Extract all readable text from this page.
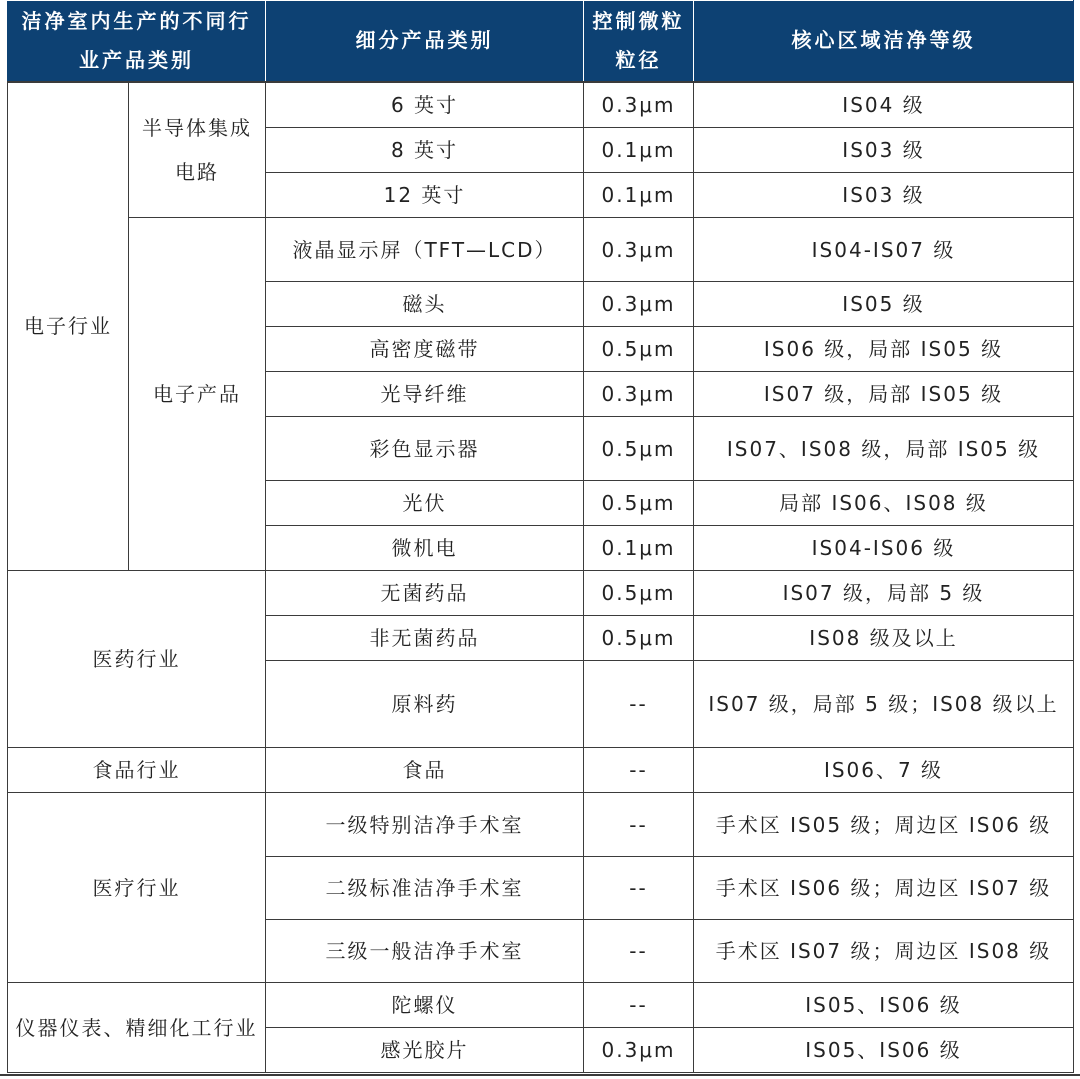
洁净室内生产的不同行业产品类别		细分产品类别	控制微粒粒径	核心区域洁净等级
电子行业	半导体集成电路	6 英寸	0.3μm	IS04 级
		8 英寸	0.1μm	IS03 级
		12 英寸	0.1μm	IS03 级
	电子产品	液晶显示屏（TFT—LCD）	0.3μm	IS04-IS07 级
		磁头	0.3μm	IS05 级
		高密度磁带	0.5μm	IS06 级，局部 IS05 级
		光导纤维	0.3μm	IS07 级，局部 IS05 级
		彩色显示器	0.5μm	IS07、IS08 级，局部 IS05 级
		光伏	0.5μm	局部 IS06、IS08 级
		微机电	0.1μm	IS04-IS06 级
医药行业		无菌药品	0.5μm	IS07 级，局部 5 级
		非无菌药品	0.5μm	IS08 级及以上
		原料药	--	IS07 级，局部 5 级；IS08 级以上
食品行业		食品	--	IS06、7 级
医疗行业		一级特别洁净手术室	--	手术区 IS05 级；周边区 IS06 级
		二级标准洁净手术室	--	手术区 IS06 级；周边区 IS07 级
		三级一般洁净手术室	--	手术区 IS07 级；周边区 IS08 级
仪器仪表、精细化工行业		陀螺仪	--	IS05、IS06 级
		感光胶片	0.3μm	IS05、IS06 级
